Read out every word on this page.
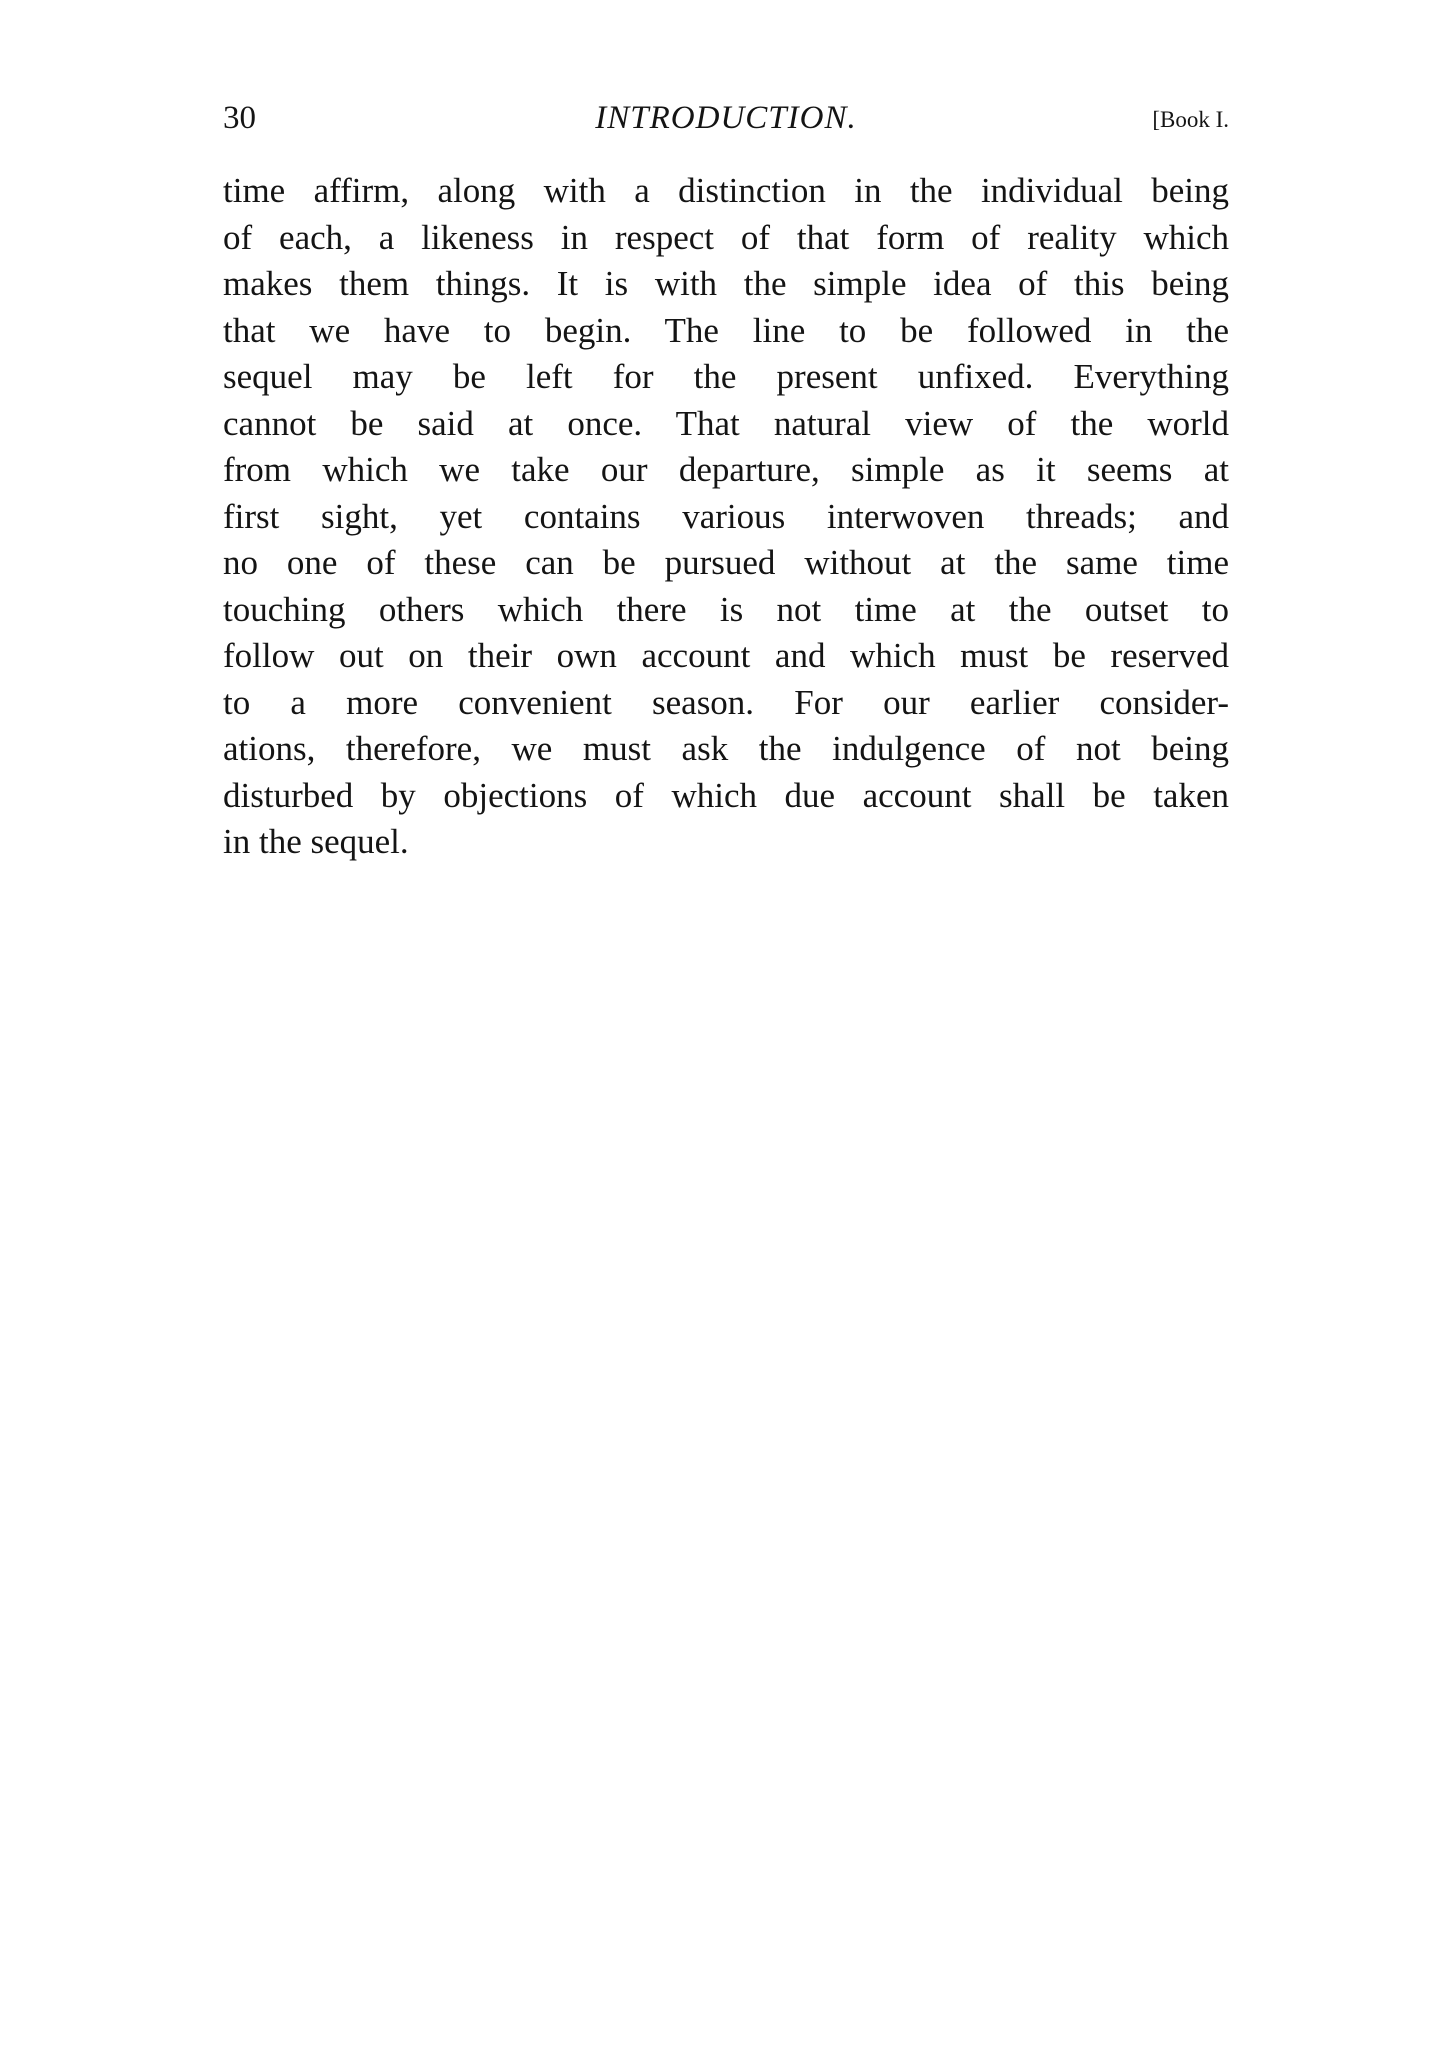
30	INTRODUCTION.	[Book I.

time affirm, along with a distinction in the individual being
of each, a likeness in respect of that form of reality which
makes them things. It is with the simple idea of this being
that we have to begin. The line to be followed in the
sequel may be left for the present unfixed. Everything
cannot be said at once. That natural view of the world
from which we take our departure, simple as it seems at
first sight, yet contains various interwoven threads; and
no one of these can be pursued without at the same time
touching others which there is not time at the outset to
follow out on their own account and which must be reserved
to a more convenient season. For our earlier consider-
ations, therefore, we must ask the indulgence of not being
disturbed by objections of which due account shall be taken
in the sequel.
